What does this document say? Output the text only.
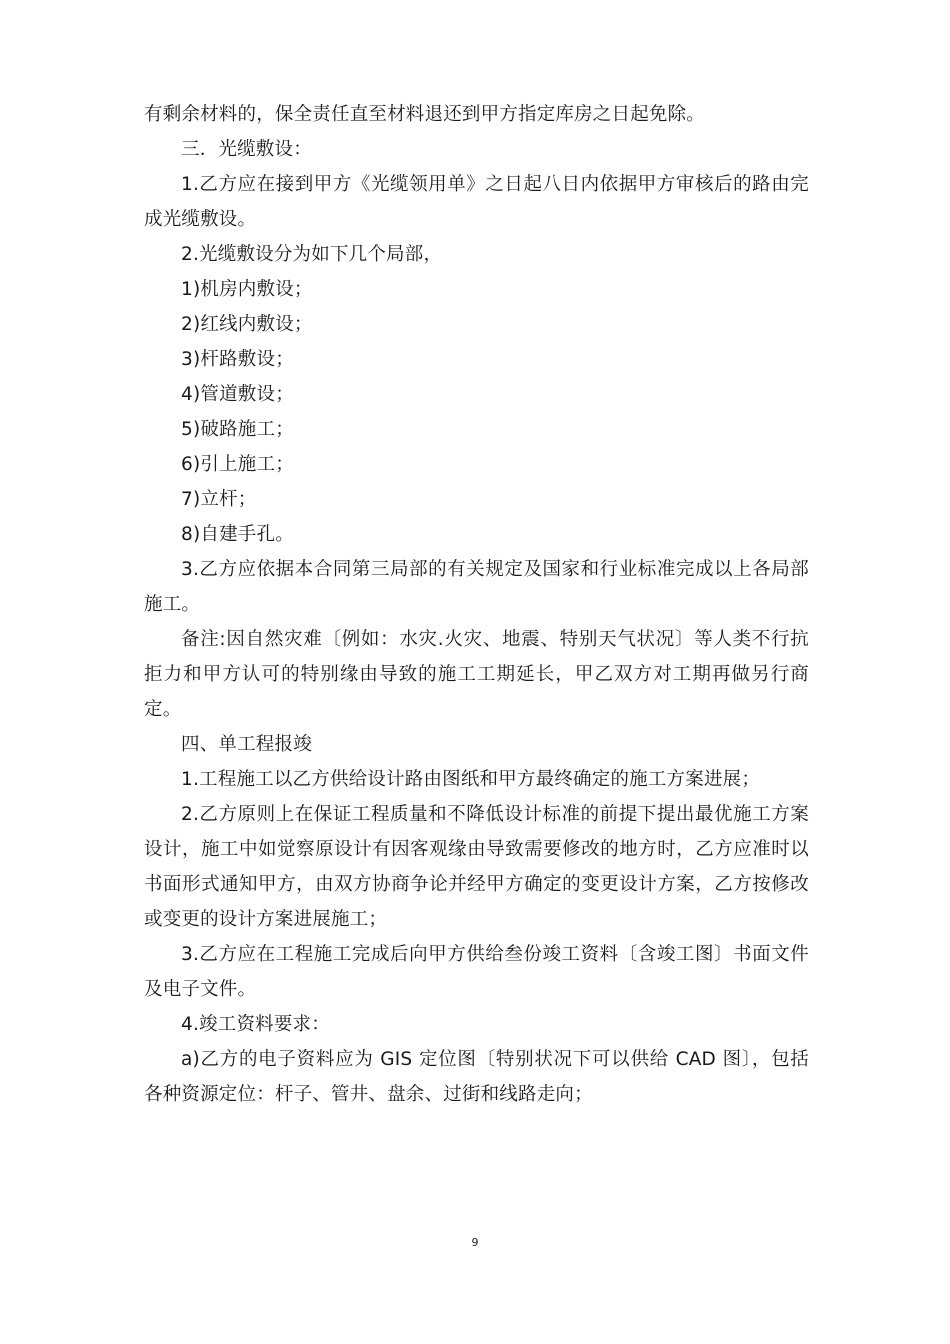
有剩余材料的，保全责任直至材料退还到甲方指定库房之日起免除。

三．光缆敷设：

1.乙方应在接到甲方《光缆领用单》之日起八日内依据甲方审核后的路由完成光缆敷设。

2.光缆敷设分为如下几个局部，

1)机房内敷设；

2)红线内敷设；

3)杆路敷设；

4)管道敷设；

5)破路施工；

6)引上施工；

7)立杆；

8)自建手孔。

3.乙方应依据本合同第三局部的有关规定及国家和行业标准完成以上各局部施工。

备注:因自然灾难〔例如：水灾.火灾、地震、特别天气状况〕等人类不行抗拒力和甲方认可的特别缘由导致的施工工期延长，甲乙双方对工期再做另行商定。

四、单工程报竣

1.工程施工以乙方供给设计路由图纸和甲方最终确定的施工方案进展；

2.乙方原则上在保证工程质量和不降低设计标准的前提下提出最优施工方案设计，施工中如觉察原设计有因客观缘由导致需要修改的地方时，乙方应准时以书面形式通知甲方，由双方协商争论并经甲方确定的变更设计方案，乙方按修改或变更的设计方案进展施工；

3.乙方应在工程施工完成后向甲方供给叁份竣工资料〔含竣工图〕书面文件及电子文件。

4.竣工资料要求：

a)乙方的电子资料应为 GIS 定位图〔特别状况下可以供给 CAD 图〕，包括各种资源定位：杆子、管井、盘余、过街和线路走向；

9
